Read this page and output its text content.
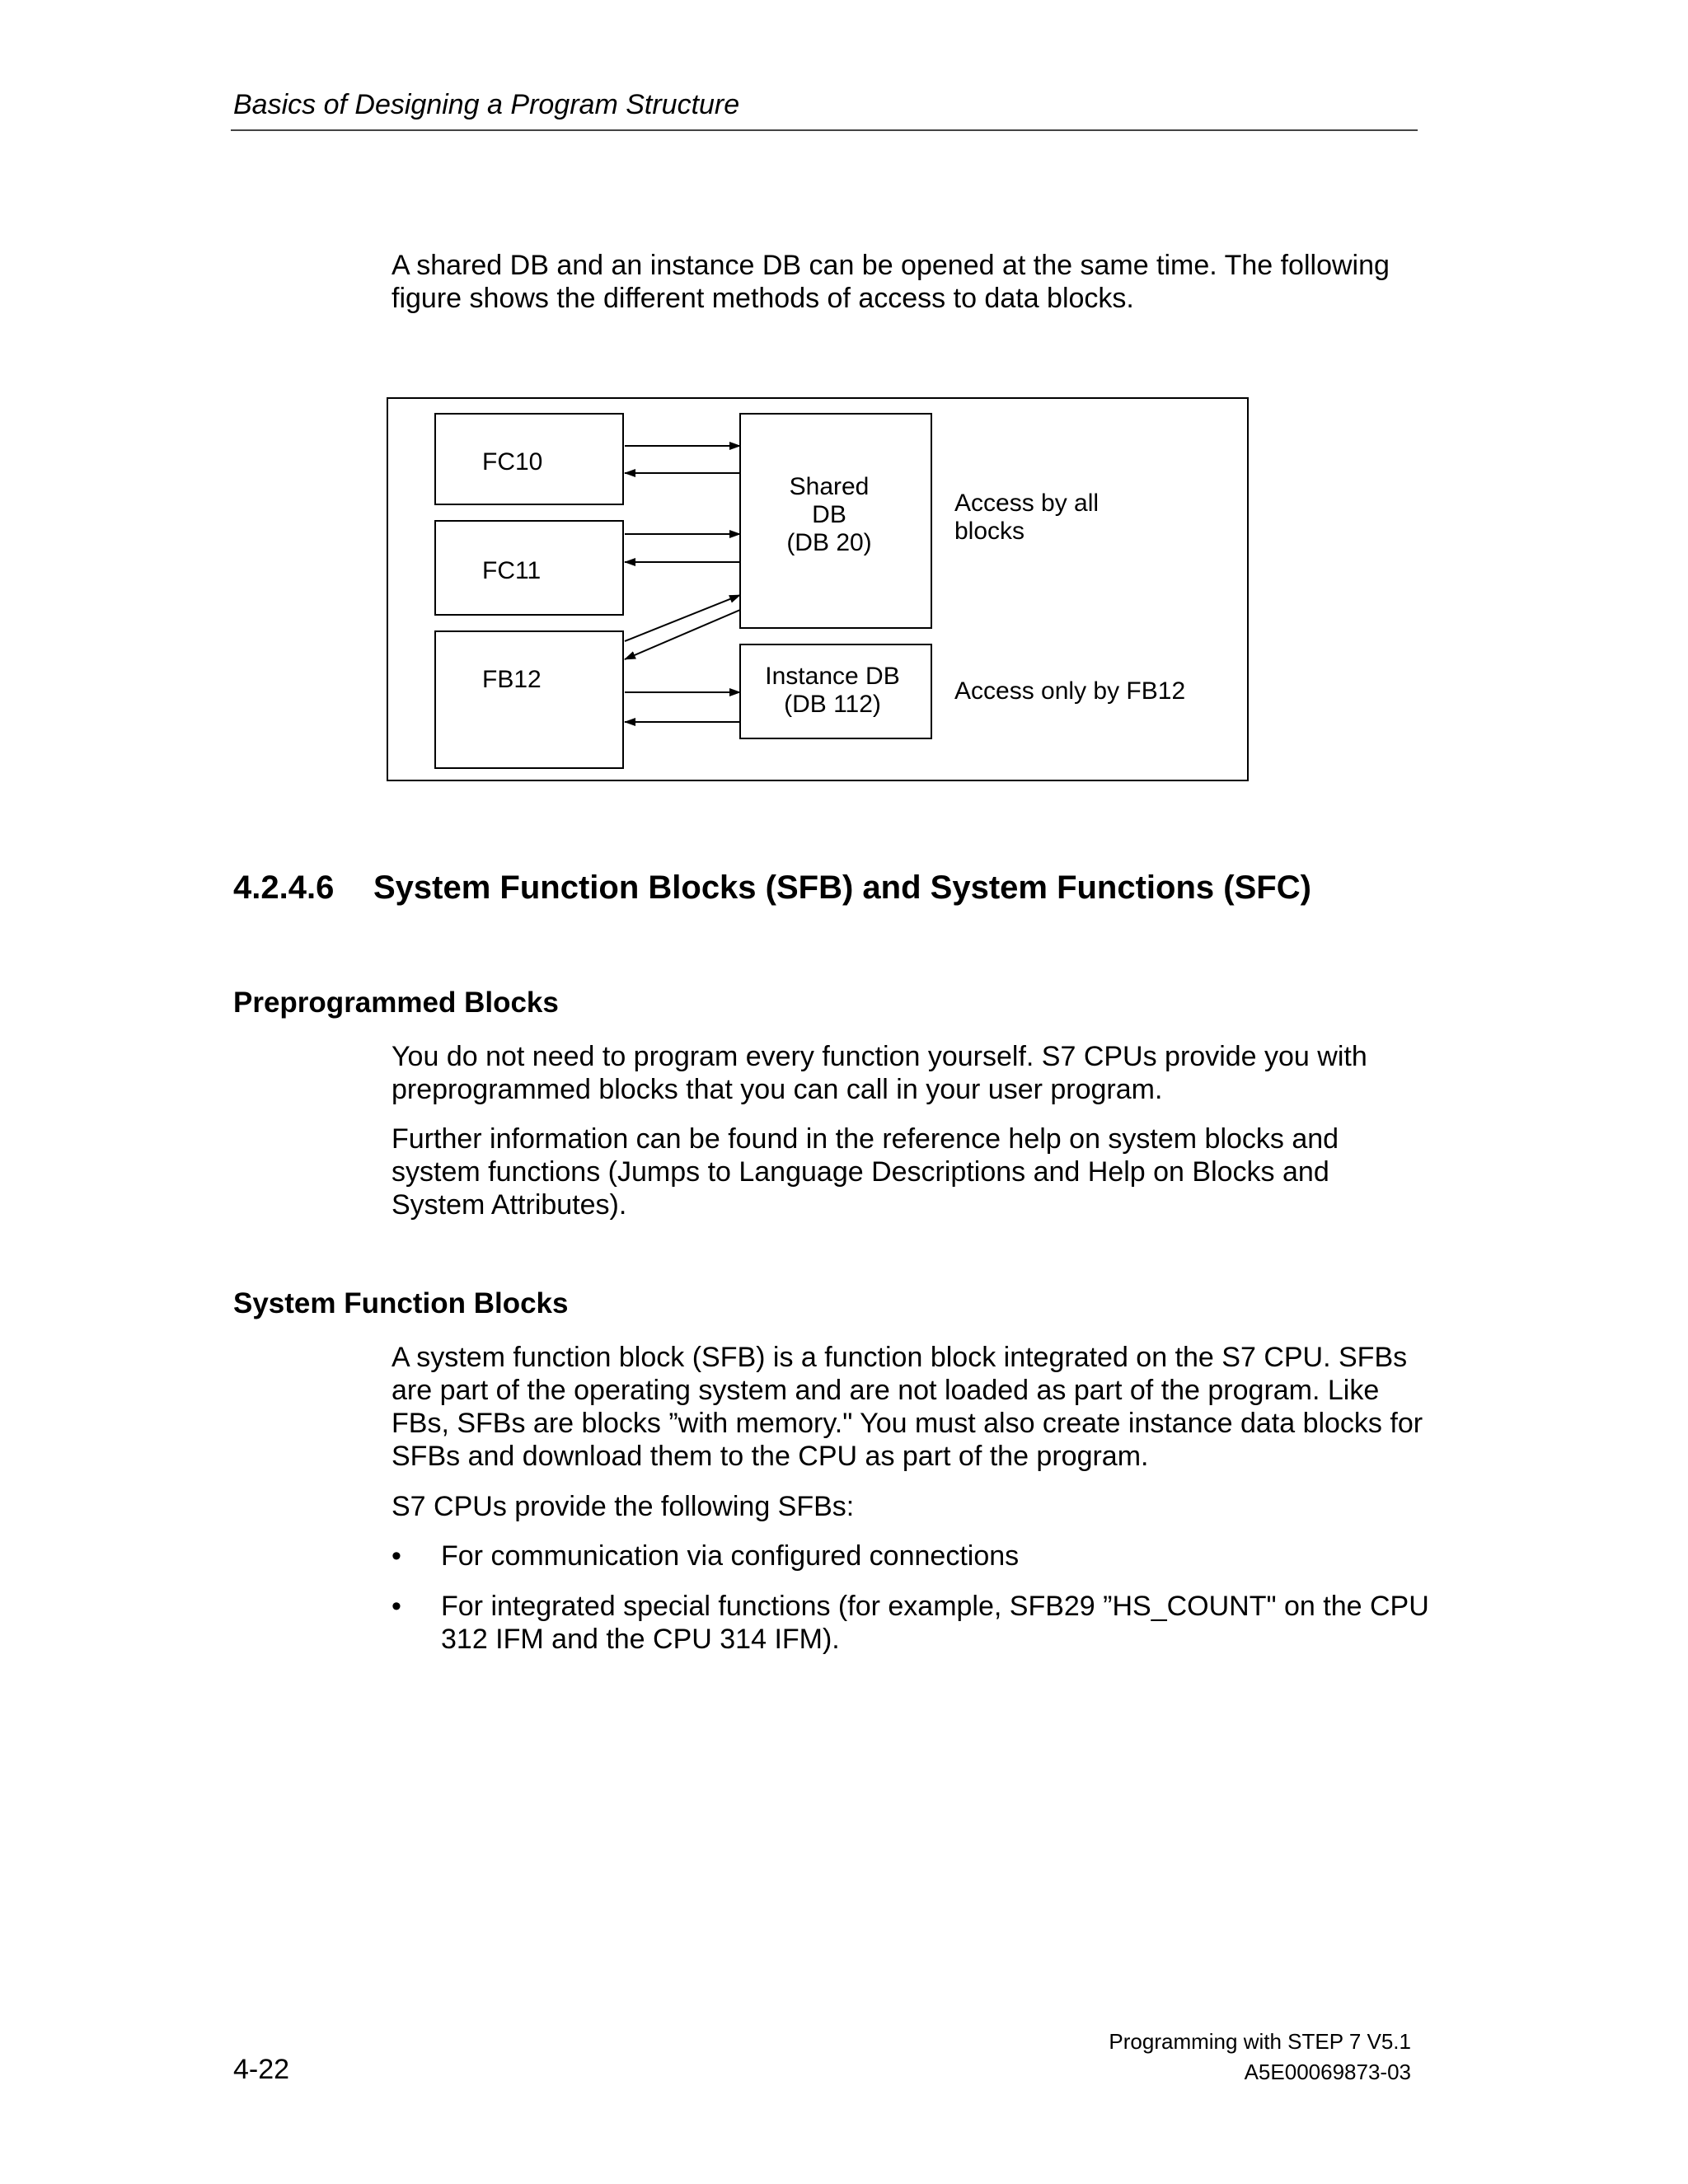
Basics of Designing a Program Structure
A shared DB and an instance DB can be opened at the same time. The following figure shows the different methods of access to data blocks.
FC10
FC11
FB12
Shared
DB
(DB 20)
Instance DB
(DB 112)
Access by all
blocks
Access only by FB12
4.2.4.6 System Function Blocks (SFB) and System Functions (SFC)
Preprogrammed Blocks
You do not need to program every function yourself. S7 CPUs provide you with preprogrammed blocks that you can call in your user program.
Further information can be found in the reference help on system blocks and system functions (Jumps to Language Descriptions and Help on Blocks and System Attributes).
System Function Blocks
A system function block (SFB) is a function block integrated on the S7 CPU. SFBs are part of the operating system and are not loaded as part of the program. Like FBs, SFBs are blocks ”with memory." You must also create instance data blocks for SFBs and download them to the CPU as part of the program.
S7 CPUs provide the following SFBs:
• For communication via configured connections
• For integrated special functions (for example, SFB29 ”HS_COUNT" on the CPU 312 IFM and the CPU 314 IFM).
Programming with STEP 7 V5.1
A5E00069873-03
4-22
